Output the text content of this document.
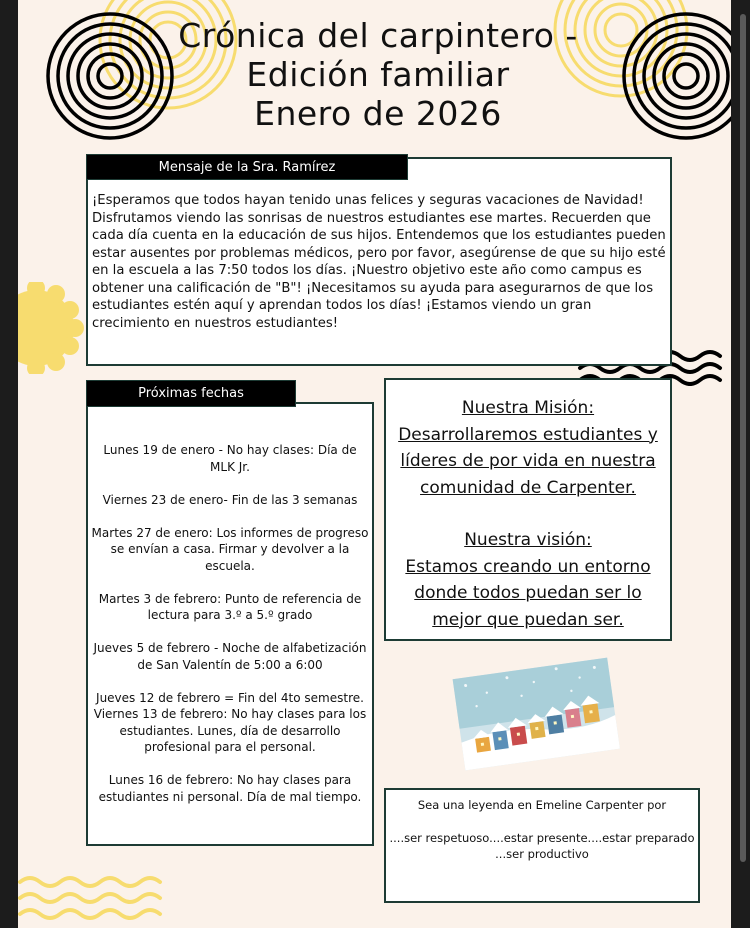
Crónica del carpintero -
Edición familiar
Enero de 2026
Mensaje de la Sra. Ramírez
¡Esperamos que todos hayan tenido unas felices y seguras vacaciones de Navidad! Disfrutamos viendo las sonrisas de nuestros estudiantes ese martes. Recuerden que cada día cuenta en la educación de sus hijos. Entendemos que los estudiantes pueden estar ausentes por problemas médicos, pero por favor, asegúrense de que su hijo esté en la escuela a las 7:50 todos los días. ¡Nuestro objetivo este año como campus es obtener una calificación de "B"! ¡Necesitamos su ayuda para asegurarnos de que los estudiantes estén aquí y aprendan todos los días! ¡Estamos viendo un gran crecimiento en nuestros estudiantes!
Próximas fechas

Lunes 19 de enero - No hay clases: Día de MLK Jr.

Viernes 23 de enero- Fin de las 3 semanas

Martes 27 de enero: Los informes de progreso se envían a casa. Firmar y devolver a la escuela.

Martes 3 de febrero: Punto de referencia de lectura para 3.º a 5.º grado

Jueves 5 de febrero - Noche de alfabetización de San Valentín de 5:00 a 6:00

Jueves 12 de febrero = Fin del 4to semestre. Viernes 13 de febrero: No hay clases para los estudiantes. Lunes, día de desarrollo profesional para el personal.

Lunes 16 de febrero: No hay clases para estudiantes ni personal. Día de mal tiempo.

Nuestra Misión:

Desarrollaremos estudiantes y líderes de por vida en nuestra comunidad de Carpenter.

Nuestra visión:

Estamos creando un entorno donde todos puedan ser lo mejor que puedan ser.

Sea una leyenda en Emeline Carpenter por

....ser respetuoso....estar presente....estar preparado

...ser productivo
